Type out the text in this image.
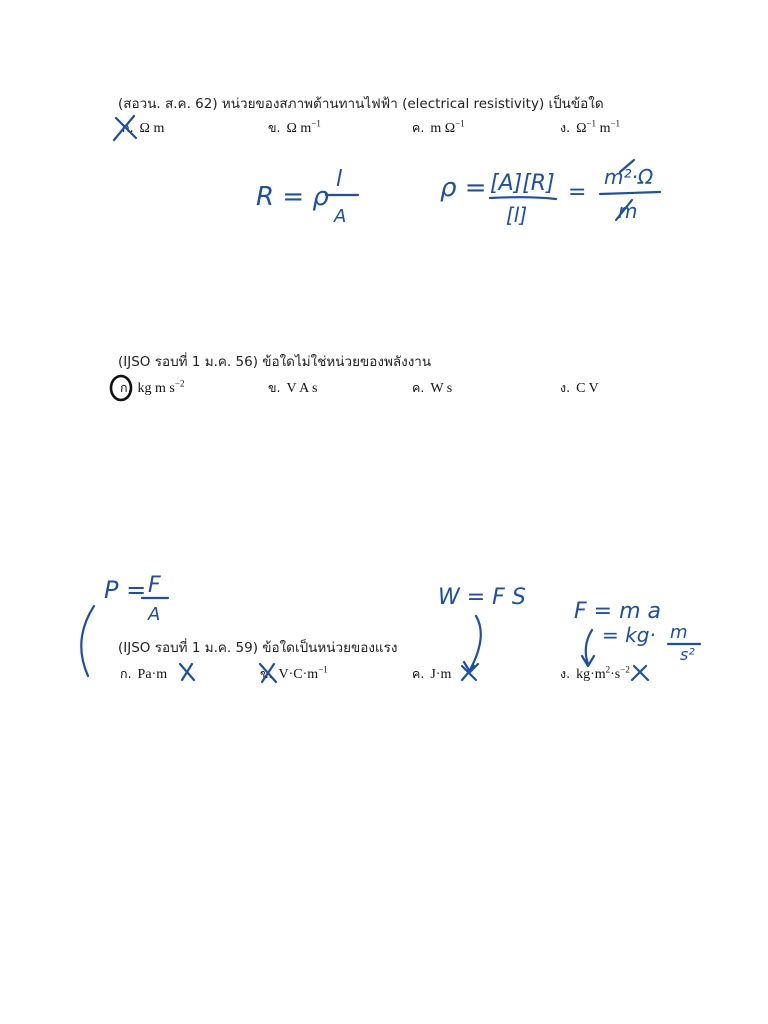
(สอวน. ส.ค. 62) หน่วยของสภาพต้านทานไฟฟ้า (electrical resistivity) เป็นข้อใด
ก. Ω m	ข. Ω $m^{-1}$	ค. m $\Omega^{-1}$	ง. $\Omega^{-1}$ $m^{-1}$
(IJSO รอบที่ 1 ม.ค. 56) ข้อใดไม่ใช่หน่วยของพลังงาน
ก. kg m $s^{-2}$	ข. V A s	ค. W s	ง. C V
(IJSO รอบที่ 1 ม.ค. 59) ข้อใดเป็นหน่วยของแรง
ก. Pa·m	ข. $V\cdot C\cdot m^{-1}$	ค. J·m	ง. $kg\cdot m^2\cdot s^{-2}$
R = ρ
l
A
ρ = [A][R]
[l]
=
m²·Ω
m
P = F
A
W = F S
F = m a
= kg· m
s²
